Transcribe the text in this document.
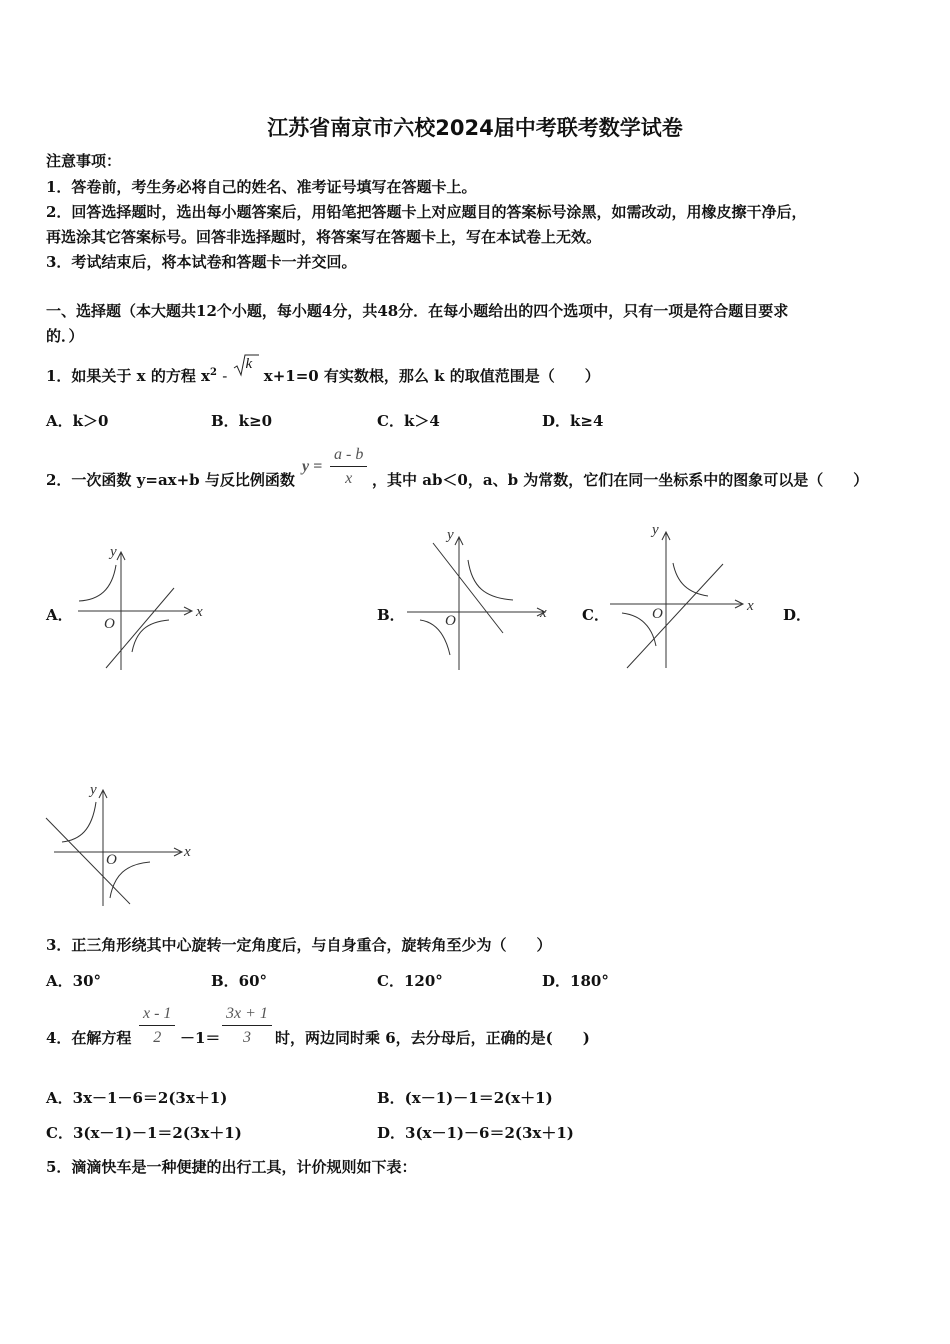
江苏省南京市六校2024届中考联考数学试卷
注意事项：
1．答卷前，考生务必将自己的姓名、准考证号填写在答题卡上。
2．回答选择题时，选出每小题答案后，用铅笔把答题卡上对应题目的答案标号涂黑，如需改动，用橡皮擦干净后，
再选涂其它答案标号。回答非选择题时，将答案写在答题卡上，写在本试卷上无效。
3．考试结束后，将本试卷和答题卡一并交回。
一、选择题（本大题共12个小题，每小题4分，共48分．在每小题给出的四个选项中，只有一项是符合题目要求
的．）
1．如果关于 x 的方程 $x^2$ -
k
x+1=0 有实数根，那么 k 的取值范围是（　　）
A．k＞0	B．k≥0	C．k＞4	D．k≥4
2．一次函数 y=ax+b 与反比例函数
$y = \frac{a - b}{x}$ ，其中 ab＜0，a、b 为常数，它们在同一坐标系中的图象可以是（　　）
A．	B．	C．	D．
x
y
O
x
y
O
x
y
O
x
y
O
3．正三角形绕其中心旋转一定角度后，与自身重合，旋转角至少为（　　）
A．30°	B．60°	C．120°	D．180°
4．在解方程 $\frac{x - 1}{2} -1= \frac{3x + 1}{3}$ 时，两边同时乘 6，去分母后，正确的是(　　)
A．3x－1－6＝2(3x＋1)	B．(x－1)－1＝2(x＋1)
C．3(x－1)－1＝2(3x＋1)	D．3(x－1)－6＝2(3x＋1)
5．滴滴快车是一种便捷的出行工具，计价规则如下表：
